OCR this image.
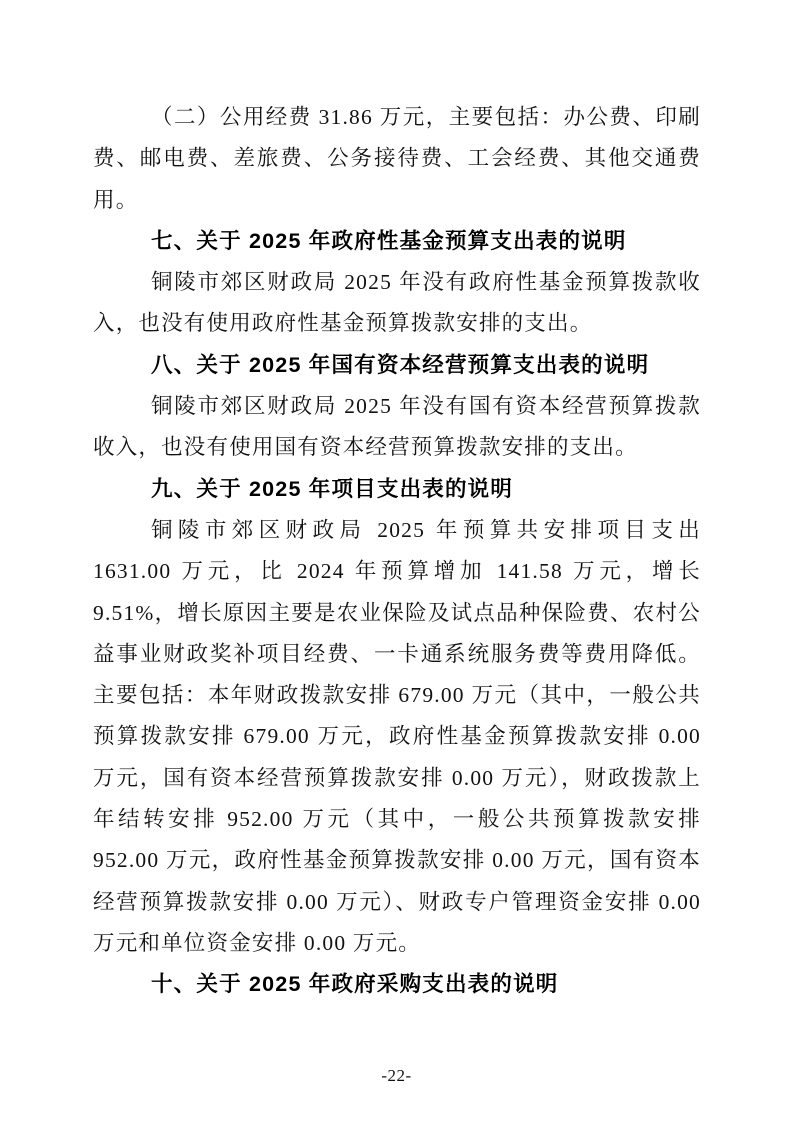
（二）公用经费 31.86 万元，主要包括：办公费、印刷费、邮电费、差旅费、公务接待费、工会经费、其他交通费用。

七、关于 2025 年政府性基金预算支出表的说明

铜陵市郊区财政局 2025 年没有政府性基金预算拨款收入，也没有使用政府性基金预算拨款安排的支出。

八、关于 2025 年国有资本经营预算支出表的说明

铜陵市郊区财政局 2025 年没有国有资本经营预算拨款收入，也没有使用国有资本经营预算拨款安排的支出。

九、关于 2025 年项目支出表的说明

铜陵市郊区财政局 2025 年预算共安排项目支出 1631.00 万元，比 2024 年预算增加 141.58 万元，增长 9.51%，增长原因主要是农业保险及试点品种保险费、农村公益事业财政奖补项目经费、一卡通系统服务费等费用降低。主要包括：本年财政拨款安排 679.00 万元（其中，一般公共预算拨款安排 679.00 万元，政府性基金预算拨款安排 0.00 万元，国有资本经营预算拨款安排 0.00 万元），财政拨款上年结转安排 952.00 万元（其中，一般公共预算拨款安排 952.00 万元，政府性基金预算拨款安排 0.00 万元，国有资本经营预算拨款安排 0.00 万元）、财政专户管理资金安排 0.00 万元和单位资金安排 0.00 万元。

十、关于 2025 年政府采购支出表的说明
-22-
